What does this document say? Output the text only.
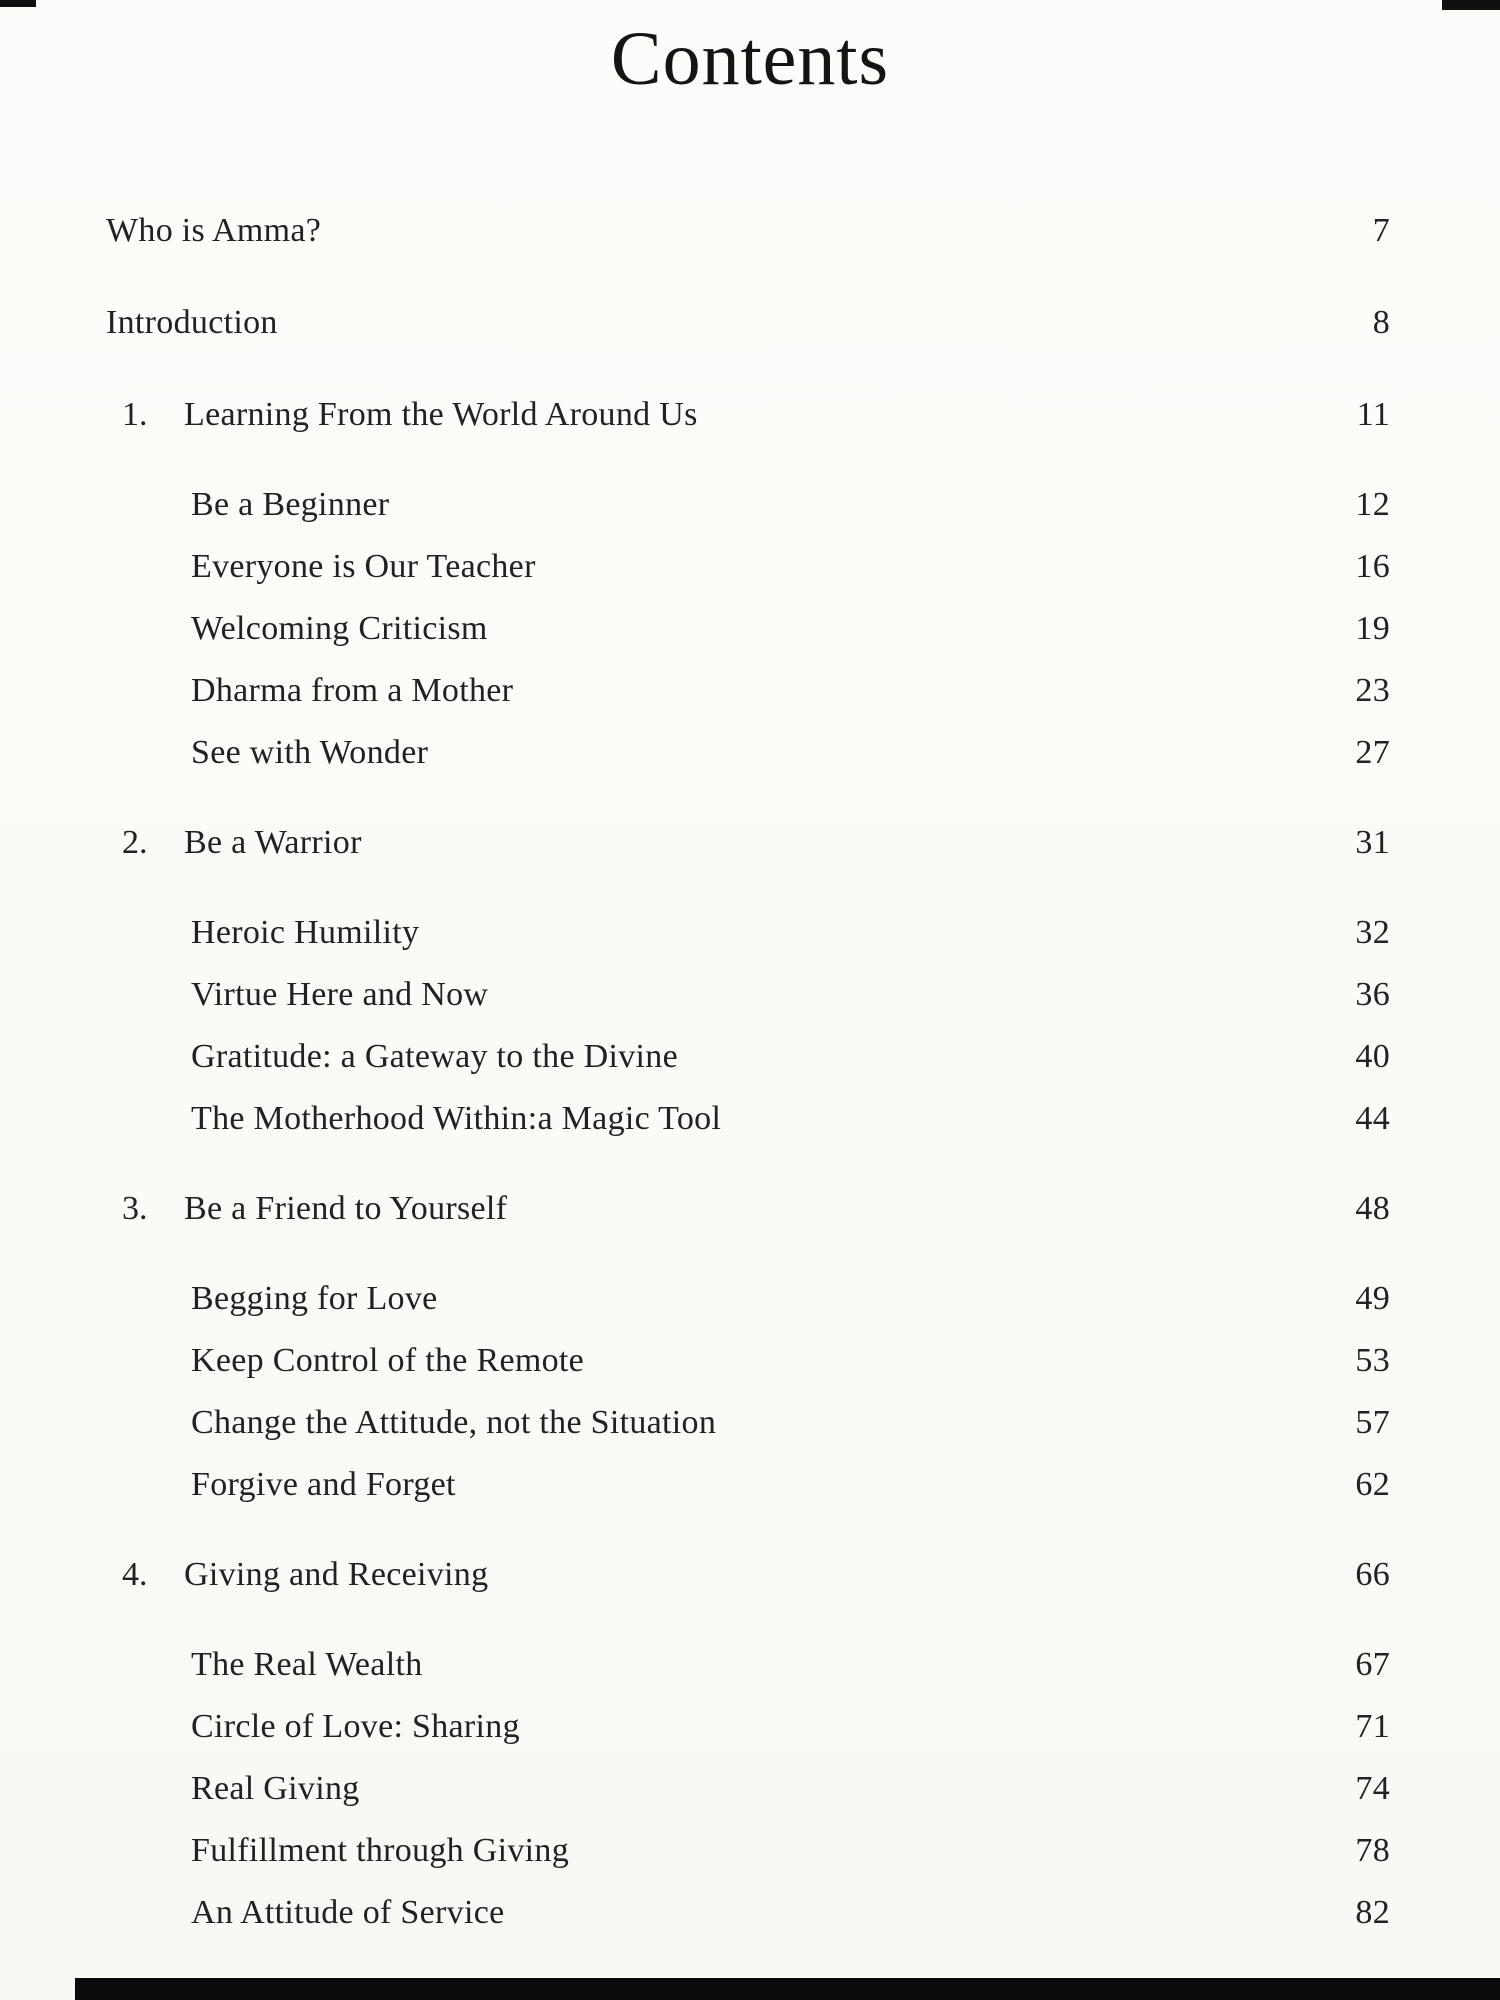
Contents
Who is Amma?	7
Introduction	8
1.	Learning From the World Around Us	11
Be a Beginner	12
Everyone is Our Teacher	16
Welcoming Criticism	19
Dharma from a Mother	23
See with Wonder	27
2.	Be a Warrior	31
Heroic Humility	32
Virtue Here and Now	36
Gratitude: a Gateway to the Divine	40
The Motherhood Within:a Magic Tool	44
3.	Be a Friend to Yourself	48
Begging for Love	49
Keep Control of the Remote	53
Change the Attitude, not the Situation	57
Forgive and Forget	62
4.	Giving and Receiving	66
The Real Wealth	67
Circle of Love: Sharing	71
Real Giving	74
Fulfillment through Giving	78
An Attitude of Service	82
